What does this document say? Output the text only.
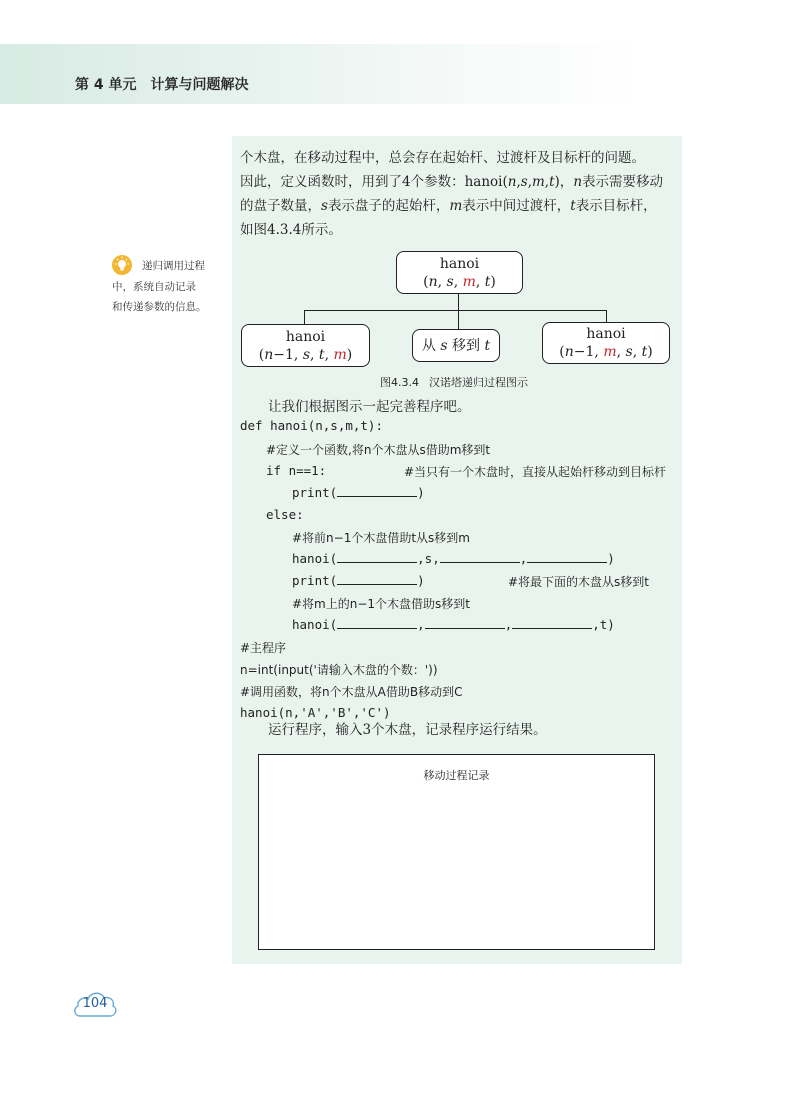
第 4 单元 计算与问题解决
个木盘，在移动过程中，总会存在起始杆、过渡杆及目标杆的问题。
因此，定义函数时，用到了4个参数：hanoi(n,s,m,t)，n表示需要移动
的盘子数量，s表示盘子的起始杆，m表示中间过渡杆，t表示目标杆，
如图4.3.4所示。
递归调用过程
中，系统自动记录
和传递参数的信息。
hanoi
(n, s, m, t)
hanoi
(n−1, s, t, m)
从 s 移到 t
hanoi
(n−1, m, s, t)
图4.3.4 汉诺塔递归过程图示
让我们根据图示一起完善程序吧。
def hanoi(n,s,m,t):
#定义一个函数,将n个木盘从s借助m移到t
if n==1:	#当只有一个木盘时，直接从起始杆移动到目标杆
print(	)
else:
#将前n−1个木盘借助t从s移到m
hanoi(	,s,	,	)
print(	)	#将最下面的木盘从s移到t
#将m上的n−1个木盘借助s移到t
hanoi(	,	,	,t)
#主程序
n=int(input('请输入木盘的个数：'))
#调用函数，将n个木盘从A借助B移动到C
hanoi(n,'A','B','C')
运行程序，输入3个木盘，记录程序运行结果。
移动过程记录
104
